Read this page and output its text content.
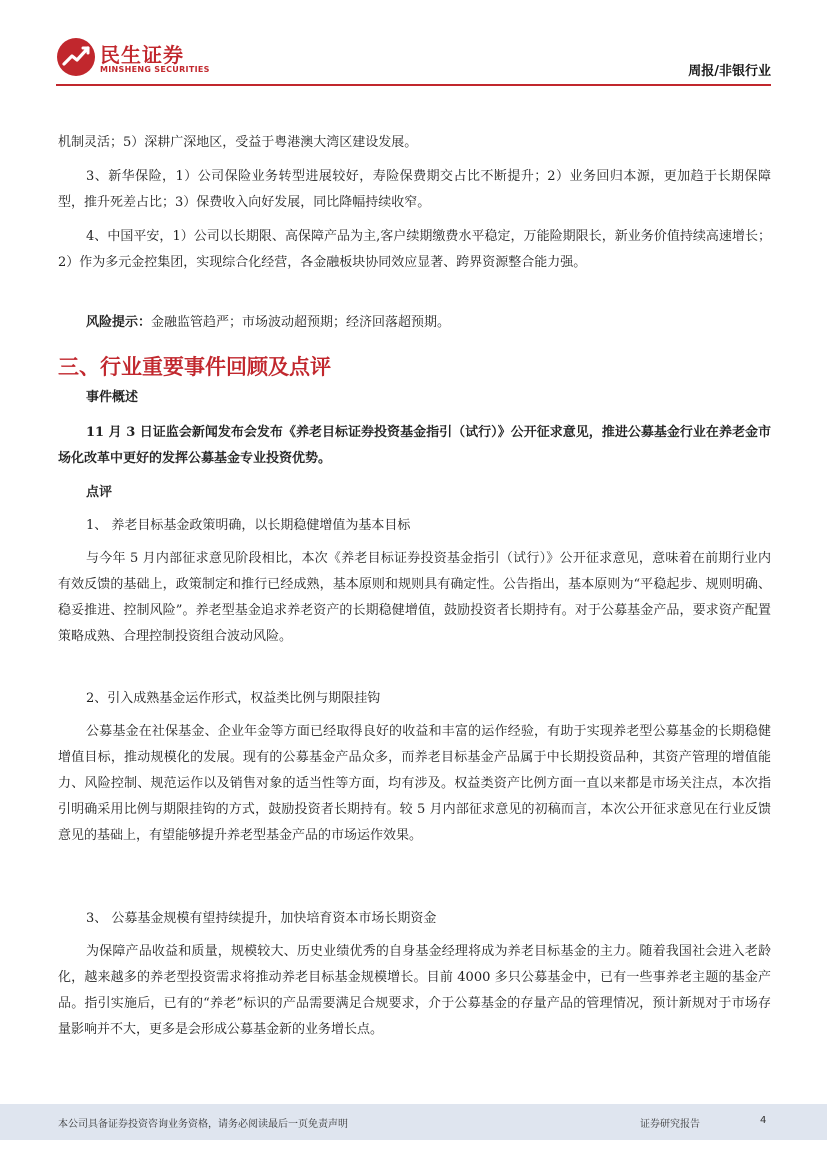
民生证券
MINSHENG SECURITIES	周报/非银行业

机制灵活；5）深耕广深地区，受益于粤港澳大湾区建设发展。

3、新华保险，1）公司保险业务转型进展较好，寿险保费期交占比不断提升；2）业务回归本源，更加趋于长期保障型，推升死差占比；3）保费收入向好发展，同比降幅持续收窄。

4、中国平安，1）公司以长期限、高保障产品为主,客户续期缴费水平稳定，万能险期限长，新业务价值持续高速增长；2）作为多元金控集团，实现综合化经营，各金融板块协同效应显著、跨界资源整合能力强。

风险提示：金融监管趋严；市场波动超预期；经济回落超预期。

三、行业重要事件回顾及点评

事件概述

11 月 3 日证监会新闻发布会发布《养老目标证券投资基金指引（试行）》公开征求意见，推进公募基金行业在养老金市场化改革中更好的发挥公募基金专业投资优势。

点评

1、 养老目标基金政策明确，以长期稳健增值为基本目标

与今年 5 月内部征求意见阶段相比，本次《养老目标证券投资基金指引（试行）》公开征求意见，意味着在前期行业内有效反馈的基础上，政策制定和推行已经成熟，基本原则和规则具有确定性。公告指出，基本原则为“平稳起步、规则明确、稳妥推进、控制风险”。养老型基金追求养老资产的长期稳健增值，鼓励投资者长期持有。对于公募基金产品，要求资产配置策略成熟、合理控制投资组合波动风险。

2、引入成熟基金运作形式，权益类比例与期限挂钩

公募基金在社保基金、企业年金等方面已经取得良好的收益和丰富的运作经验，有助于实现养老型公募基金的长期稳健增值目标，推动规模化的发展。现有的公募基金产品众多，而养老目标基金产品属于中长期投资品种，其资产管理的增值能力、风险控制、规范运作以及销售对象的适当性等方面，均有涉及。权益类资产比例方面一直以来都是市场关注点，本次指引明确采用比例与期限挂钩的方式，鼓励投资者长期持有。较 5 月内部征求意见的初稿而言，本次公开征求意见在行业反馈意见的基础上，有望能够提升养老型基金产品的市场运作效果。

3、 公募基金规模有望持续提升，加快培育资本市场长期资金

为保障产品收益和质量，规模较大、历史业绩优秀的自身基金经理将成为养老目标基金的主力。随着我国社会进入老龄化，越来越多的养老型投资需求将推动养老目标基金规模增长。目前 4000 多只公募基金中，已有一些事养老主题的基金产品。指引实施后，已有的“养老”标识的产品需要满足合规要求，介于公募基金的存量产品的管理情况，预计新规对于市场存量影响并不大，更多是会形成公募基金新的业务增长点。

本公司具备证券投资咨询业务资格，请务必阅读最后一页免责声明	证券研究报告	4
